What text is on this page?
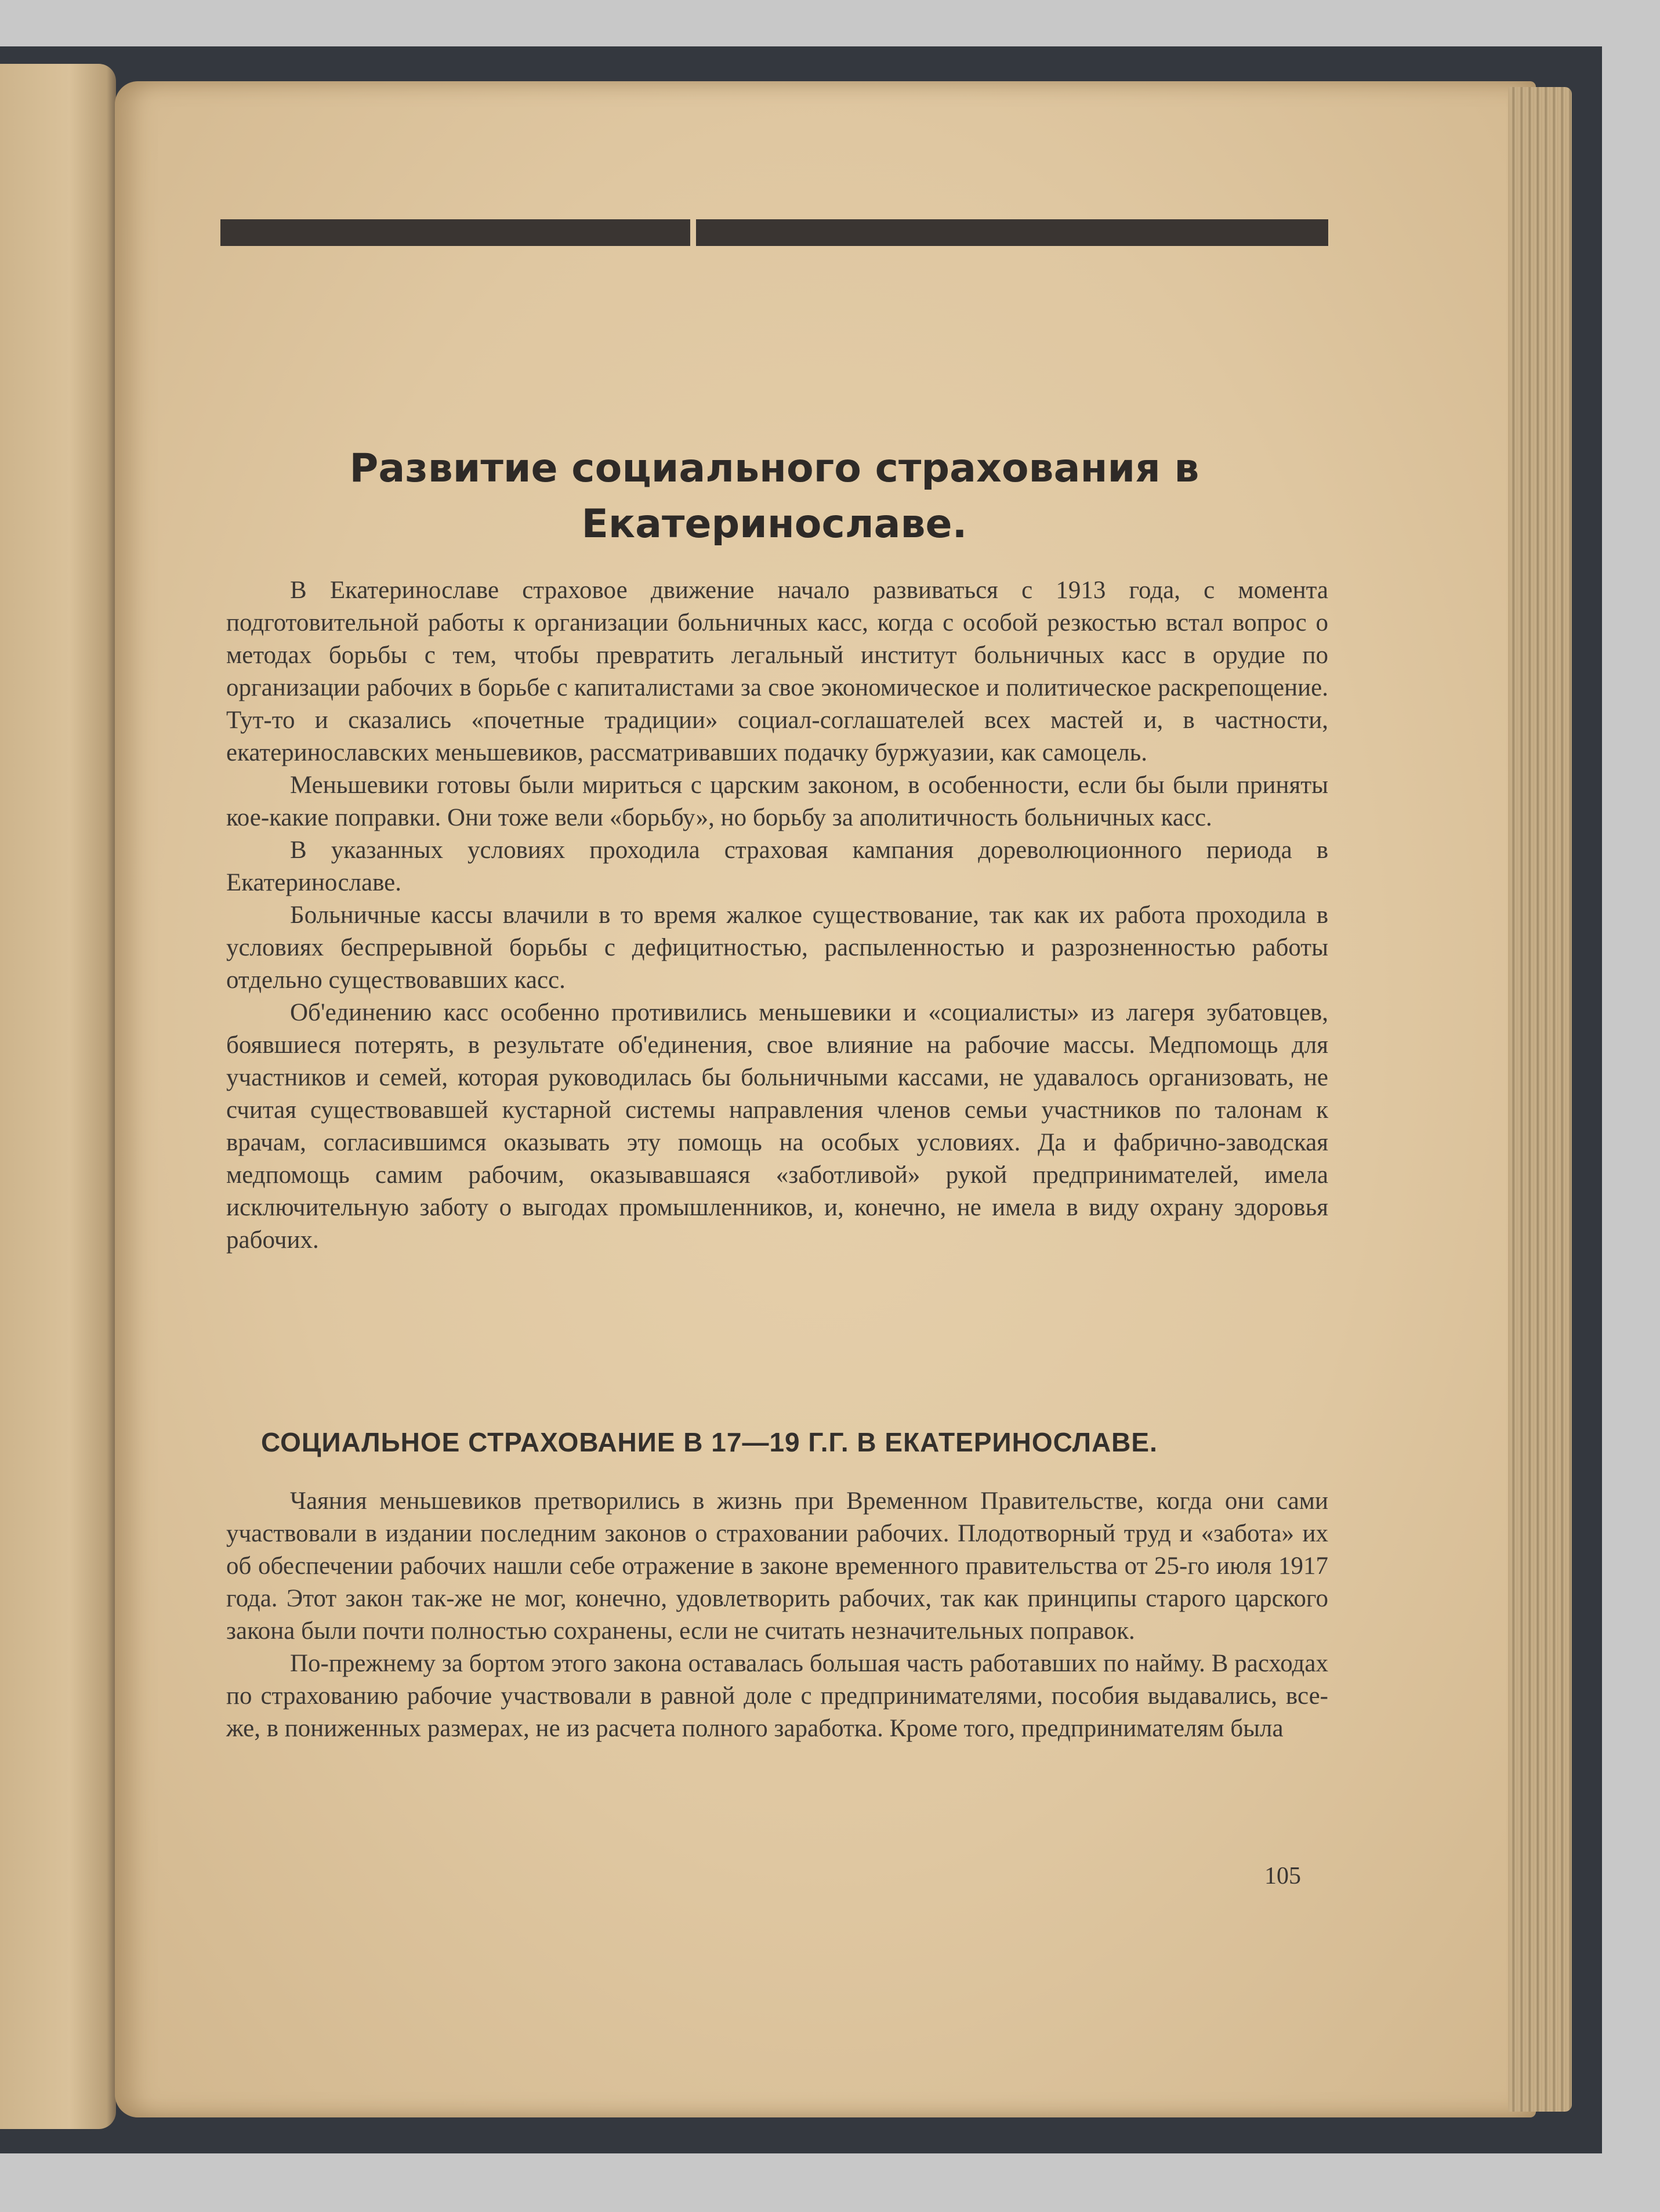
Развитие социального страхования в Екатеринославе.

В Екатеринославе страховое движение начало развиваться с 1913 года, с момента подготовительной работы к организации больничных касс, когда с особой резкостью встал вопрос о методах борьбы с тем, чтобы превратить легальный институт больничных касс в орудие по организации рабочих в борьбе с капиталистами за свое экономическое и политическое раскрепощение. Тут-то и сказались «почетные традиции» социал-соглашателей всех мастей и, в частности, екатеринославских меньшевиков, рассматривавших подачку буржуазии, как самоцель.

Меньшевики готовы были мириться с царским законом, в особенности, если бы были приняты кое-какие поправки. Они тоже вели «борьбу», но борьбу за аполитичность больничных касс.

В указанных условиях проходила страховая кампания дореволюционного периода в Екатеринославе.

Больничные кассы влачили в то время жалкое существование, так как их работа проходила в условиях беспрерывной борьбы с дефицитностью, распыленностью и разрозненностью работы отдельно существовавших касс.

Об'единению касс особенно противились меньшевики и «социалисты» из лагеря зубатовцев, боявшиеся потерять, в результате об'единения, свое влияние на рабочие массы. Медпомощь для участников и семей, которая руководилась бы больничными кассами, не удавалось организовать, не считая существовавшей кустарной системы направления членов семьи участников по талонам к врачам, согласившимся оказывать эту помощь на особых условиях. Да и фабрично-заводская медпомощь самим рабочим, оказывавшаяся «заботливой» рукой предпринимателей, имела исключительную заботу о выгодах промышленников, и, конечно, не имела в виду охрану здоровья рабочих.

СОЦИАЛЬНОЕ СТРАХОВАНИЕ В 17—19 Г.Г. В ЕКАТЕРИНОСЛАВЕ.

Чаяния меньшевиков претворились в жизнь при Временном Правительстве, когда они сами участвовали в издании последним законов о страховании рабочих. Плодотворный труд и «забота» их об обеспечении рабочих нашли себе отражение в законе временного правительства от 25-го июля 1917 года. Этот закон так-же не мог, конечно, удовлетворить рабочих, так как принципы старого царского закона были почти полностью сохранены, если не считать незначительных поправок.

По-прежнему за бортом этого закона оставалась большая часть работавших по найму. В расходах по страхованию рабочие участвовали в равной доле с предпринимателями, пособия выдавались, все-же, в пониженных размерах, не из расчета полного заработка. Кроме того, предпринимателям была

105
